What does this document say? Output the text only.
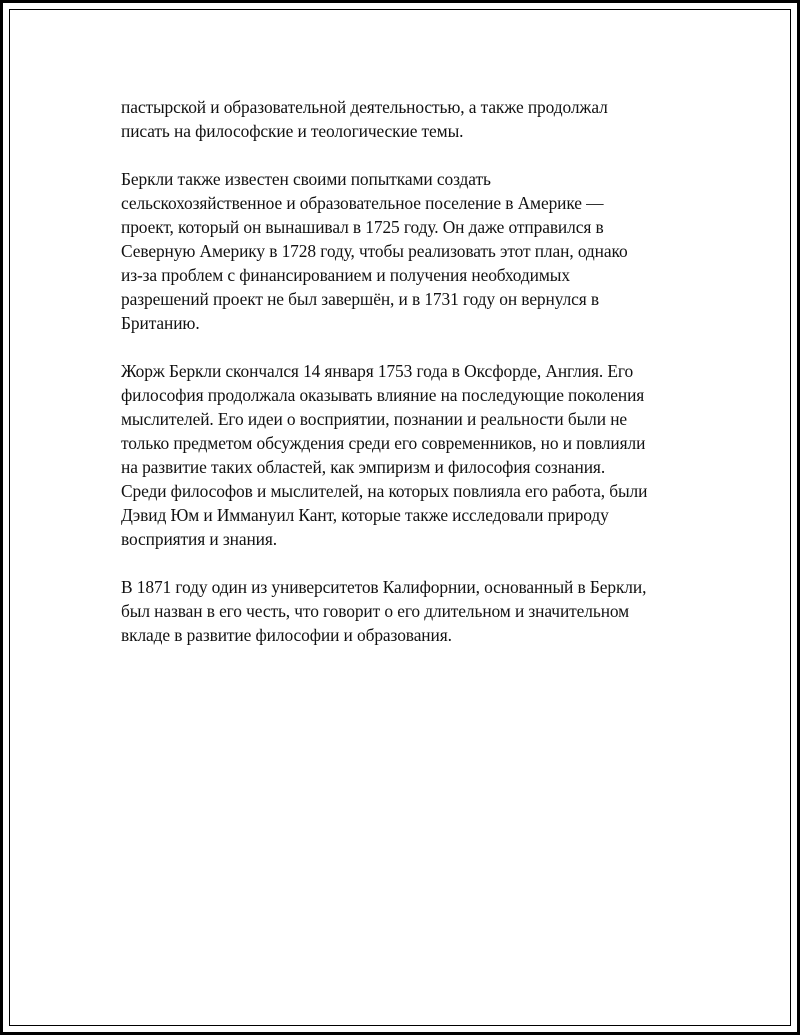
пастырской и образовательной деятельностью, а также продолжал
писать на философские и теологические темы.

Беркли также известен своими попытками создать
сельскохозяйственное и образовательное поселение в Америке —
проект, который он вынашивал в 1725 году. Он даже отправился в
Северную Америку в 1728 году, чтобы реализовать этот план, однако
из-за проблем с финансированием и получения необходимых
разрешений проект не был завершён, и в 1731 году он вернулся в
Британию.

Жорж Беркли скончался 14 января 1753 года в Оксфорде, Англия. Его
философия продолжала оказывать влияние на последующие поколения
мыслителей. Его идеи о восприятии, познании и реальности были не
только предметом обсуждения среди его современников, но и повлияли
на развитие таких областей, как эмпиризм и философия сознания.
Среди философов и мыслителей, на которых повлияла его работа, были
Дэвид Юм и Иммануил Кант, которые также исследовали природу
восприятия и знания.

В 1871 году один из университетов Калифорнии, основанный в Беркли,
был назван в его честь, что говорит о его длительном и значительном
вкладе в развитие философии и образования.
